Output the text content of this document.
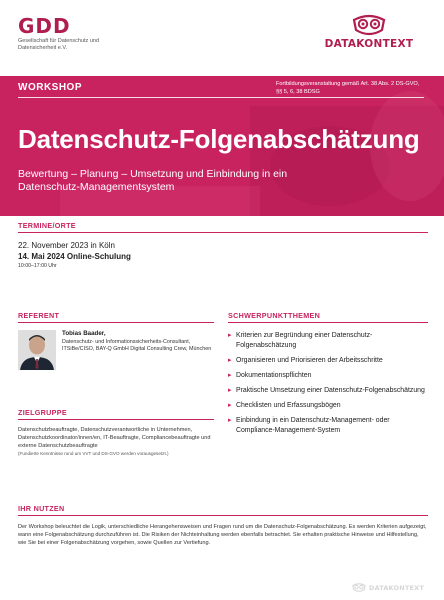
GDD
Gesellschaft für Datenschutz und Datensicherheit e.V.	DATAKONTEXT
WORKSHOP	Fortbildungsveranstaltung gemäß Art. 38 Abs. 2 DS-GVO, §§ 5, 6, 38 BDSG
Datenschutz-Folgenabschätzung
Bewertung – Planung – Umsetzung und Einbindung in ein Datenschutz-Managementsystem
TERMINE/ORTE
22. November 2023 in Köln
14. Mai 2024 Online-Schulung
10:00–17:00 Uhr
REFERENT
Tobias Baader,
Datenschutz- und Informationssicherheits-Consultant, ITSiBe/CISO, BAY-Q GmbH Digital Consulting Crew, München
ZIELGRUPPE
Datenschutzbeauftragte, Datenschutzverantwortliche in Unternehmen, Datenschutzkoordinator/innen/en, IT-Beauftragte, Compliancebeauftragte und externe Datenschutzbeauftragte
(Fundierte Kenntnisse rund um VVT und DS-GVO werden vorausgesetzt.)
SCHWERPUNKTTHEMEN
▸ Kriterien zur Begründung einer Datenschutz-Folgenabschätzung
▸ Organisieren und Priorisieren der Arbeitsschritte
▸ Dokumentationspflichten
▸ Praktische Umsetzung einer Datenschutz-Folgenabschätzung
▸ Checklisten und Erfassungsbögen
▸ Einbindung in ein Datenschutz-Management- oder Compliance-Management-System
IHR NUTZEN
Der Workshop beleuchtet die Logik, unterschiedliche Herangehensweisen und Fragen rund um die Datenschutz-Folgenabschätzung. Es werden Kriterien aufgezeigt, wann eine Folgenabschätzung durchzuführen ist. Die Risiken der Nichteinhaltung werden ebenfalls betrachtet. Sie erhalten praktische Hinweise und Hilfestellung, wie Sie bei einer Folgenabschätzung vorgehen, sowie Quellen zur Vertiefung.
DATAKONTEXT
